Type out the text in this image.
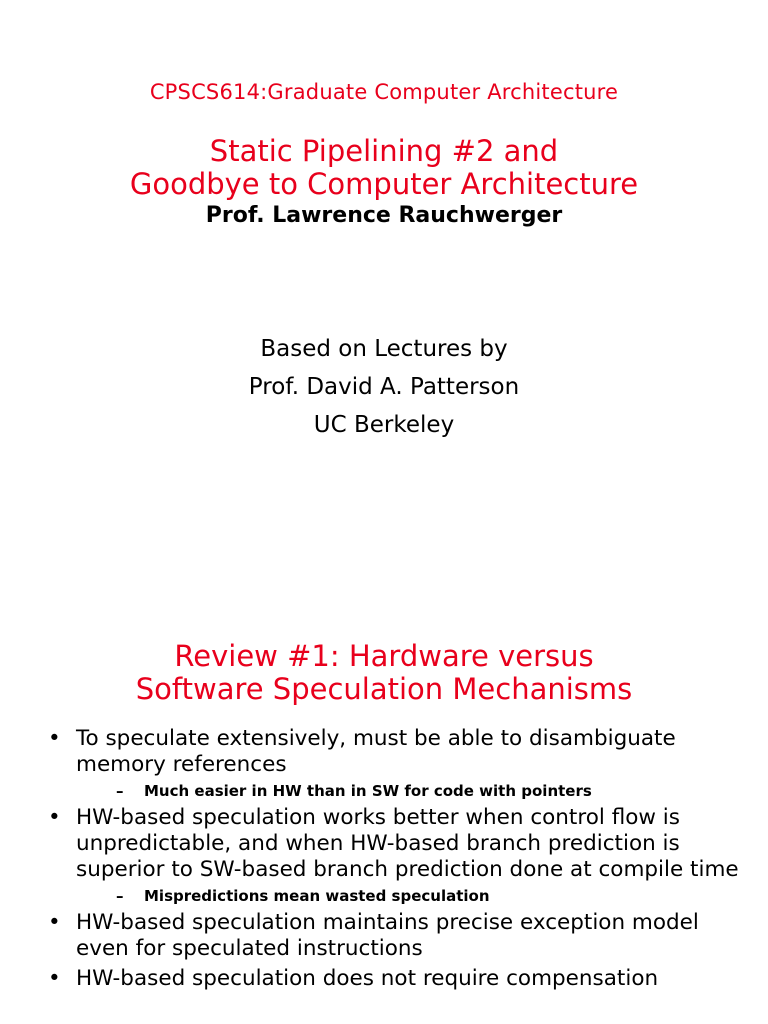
CPSCS614:Graduate Computer Architecture
Static Pipelining #2 and
Goodbye to Computer Architecture
Prof. Lawrence Rauchwerger
Based on Lectures by
Prof. David A. Patterson
UC Berkeley
Review #1: Hardware versus
Software Speculation Mechanisms
• To speculate extensively, must be able to disambiguate memory references
– Much easier in HW than in SW for code with pointers
• HW-based speculation works better when control flow is unpredictable, and when HW-based branch prediction is superior to SW-based branch prediction done at compile time
– Mispredictions mean wasted speculation
• HW-based speculation maintains precise exception model even for speculated instructions
• HW-based speculation does not require compensation
